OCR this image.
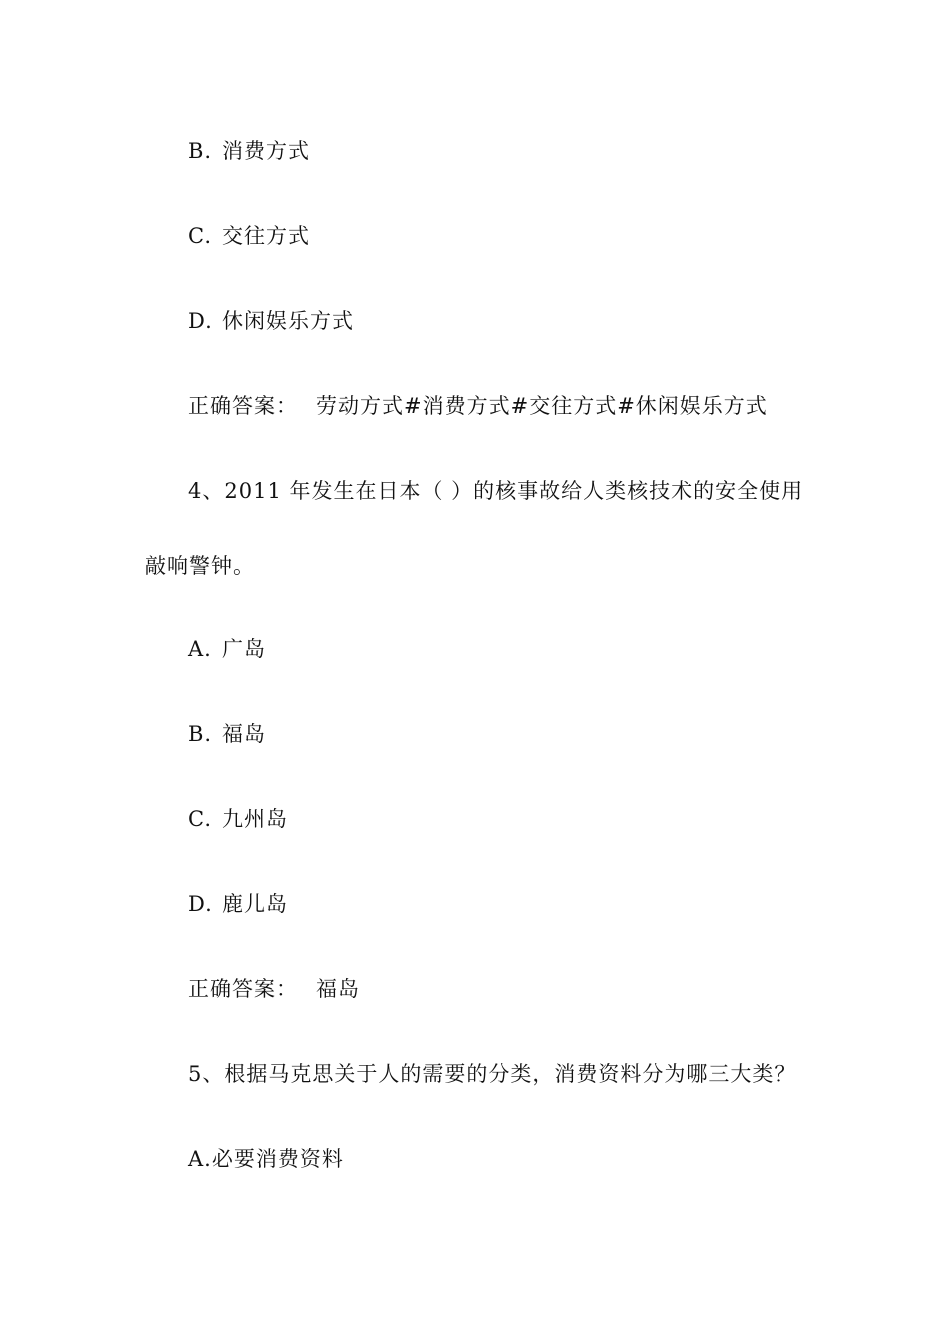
B. 消费方式
C. 交往方式
D. 休闲娱乐方式
正确答案： 劳动方式#消费方式#交往方式#休闲娱乐方式
4、2011 年发生在日本（ ）的核事故给人类核技术的安全使用
敲响警钟。
A. 广岛
B. 福岛
C. 九州岛
D. 鹿儿岛
正确答案： 福岛
5、根据马克思关于人的需要的分类，消费资料分为哪三大类？
A.必要消费资料
